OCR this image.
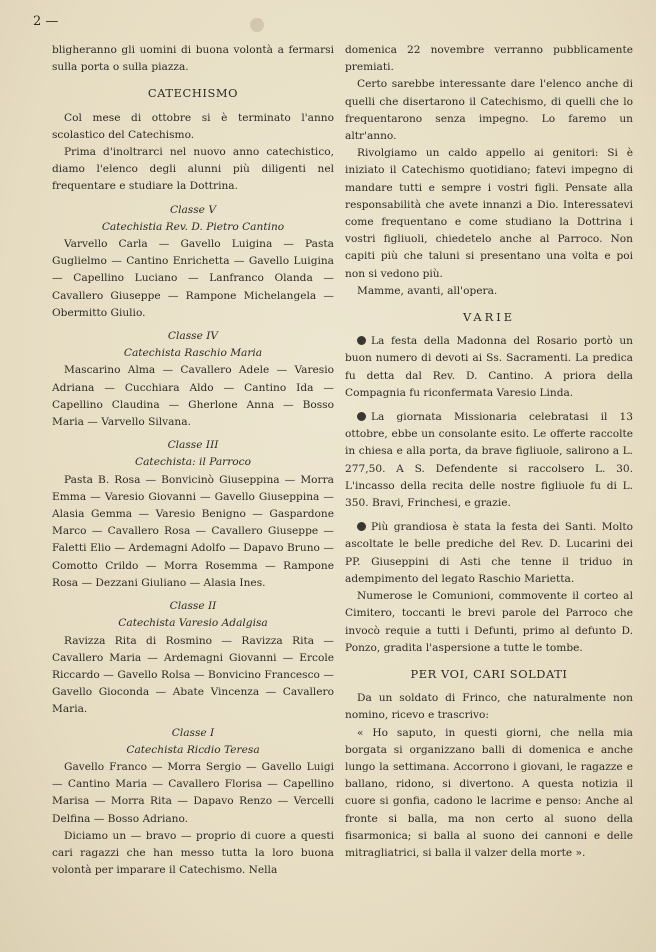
2 —

bligheranno gli uomini di buona volontà a fermarsi sulla porta o sulla piazza.

CATECHISMO

Col mese di ottobre si è terminato l'anno scolastico del Catechismo.

Prima d'inoltrarci nel nuovo anno catechistico, diamo l'elenco degli alunni più diligenti nel frequentare e studiare la Dottrina.

Classe V
Catechistia Rev. D. Pietro Cantino

Varvello Carla — Gavello Luigina — Pasta Guglielmo — Cantino Enrichetta — Gavello Luigina — Capellino Luciano — Lanfranco Olanda — Cavallero Giuseppe — Rampone Michelangela — Obermitto Giulio.

Classe IV
Catechista Raschio Maria

Mascarino Alma — Cavallero Adele — Varesio Adriana — Cucchiara Aldo — Cantino Ida — Capellino Claudina — Gherlone Anna — Bosso Maria — Varvello Silvana.

Classe III
Catechista: il Parroco

Pasta B. Rosa — Bonvicinò Giuseppina — Morra Emma — Varesio Giovanni — Gavello Giuseppina — Alasia Gemma — Varesio Benigno — Gaspardone Marco — Cavallero Rosa — Cavallero Giuseppe — Faletti Elio — Ardemagni Adolfo — Dapavo Bruno — Comotto Crildo — Morra Rosemma — Rampone Rosa — Dezzani Giuliano — Alasia Ines.

Classe II
Catechista Varesio Adalgisa

Ravizza Rita di Rosmino — Ravizza Rita — Cavallero Maria — Ardemagni Giovanni — Ercole Riccardo — Gavello Rolsa — Bonvicino Francesco — Gavello Gioconda — Abate Vincenza — Cavallero Maria.

Classe I
Catechista Ricdio Teresa

Gavello Franco — Morra Sergio — Gavello Luigi — Cantino Maria — Cavallero Florisa — Capellino Marisa — Morra Rita — Dapavo Renzo — Vercelli Delfina — Bosso Adriano.

Diciamo un — bravo — proprio di cuore a questi cari ragazzi che han messo tutta la loro buona volontà per imparare il Catechismo. Nella

domenica 22 novembre verranno pubblicamente premiati.

Certo sarebbe interessante dare l'elenco anche di quelli che disertarono il Catechismo, di quelli che lo frequentarono senza impegno. Lo faremo un altr'anno.

Rivolgiamo un caldo appello ai genitori: Si è iniziato il Catechismo quotidiano; fatevi impegno di mandare tutti e sempre i vostri figli. Pensate alla responsabilità che avete innanzi a Dio. Interessatevi come frequentano e come studiano la Dottrina i vostri figliuoli, chiedetelo anche al Parroco. Non capiti più che taluni si presentano una volta e poi non si vedono più.

Mamme, avanti, all'opera.

VARIE

La festa della Madonna del Rosario portò un buon numero di devoti ai Ss. Sacramenti. La predica fu detta dal Rev. D. Cantino. A priora della Compagnia fu riconfermata Varesio Linda.

La giornata Missionaria celebratasi il 13 ottobre, ebbe un consolante esito. Le offerte raccolte in chiesa e alla porta, da brave figliuole, salirono a L. 277,50. A S. Defendente si raccolsero L. 30. L'incasso della recita delle nostre figliuole fu di L. 350. Bravi, Frinchesi, e grazie.

Più grandiosa è stata la festa dei Santi. Molto ascoltate le belle prediche del Rev. D. Lucarini dei PP. Giuseppini di Asti che tenne il triduo in adempimento del legato Raschio Marietta.

Numerose le Comunioni, commovente il corteo al Cimitero, toccanti le brevi parole del Parroco che invocò requie a tutti i Defunti, primo al defunto D. Ponzo, gradita l'aspersione a tutte le tombe.

PER VOI, CARI SOLDATI

Da un soldato di Frinco, che naturalmente non nomino, ricevo e trascrivo:

« Ho saputo, in questi giorni, che nella mia borgata si organizzano balli di domenica e anche lungo la settimana. Accorrono i giovani, le ragazze e ballano, ridono, si divertono. A questa notizia il cuore si gonfia, cadono le lacrime e penso: Anche al fronte si balla, ma non certo al suono della fisarmonica; si balla al suono dei cannoni e delle mitragliatrici, si balla il valzer della morte ».
